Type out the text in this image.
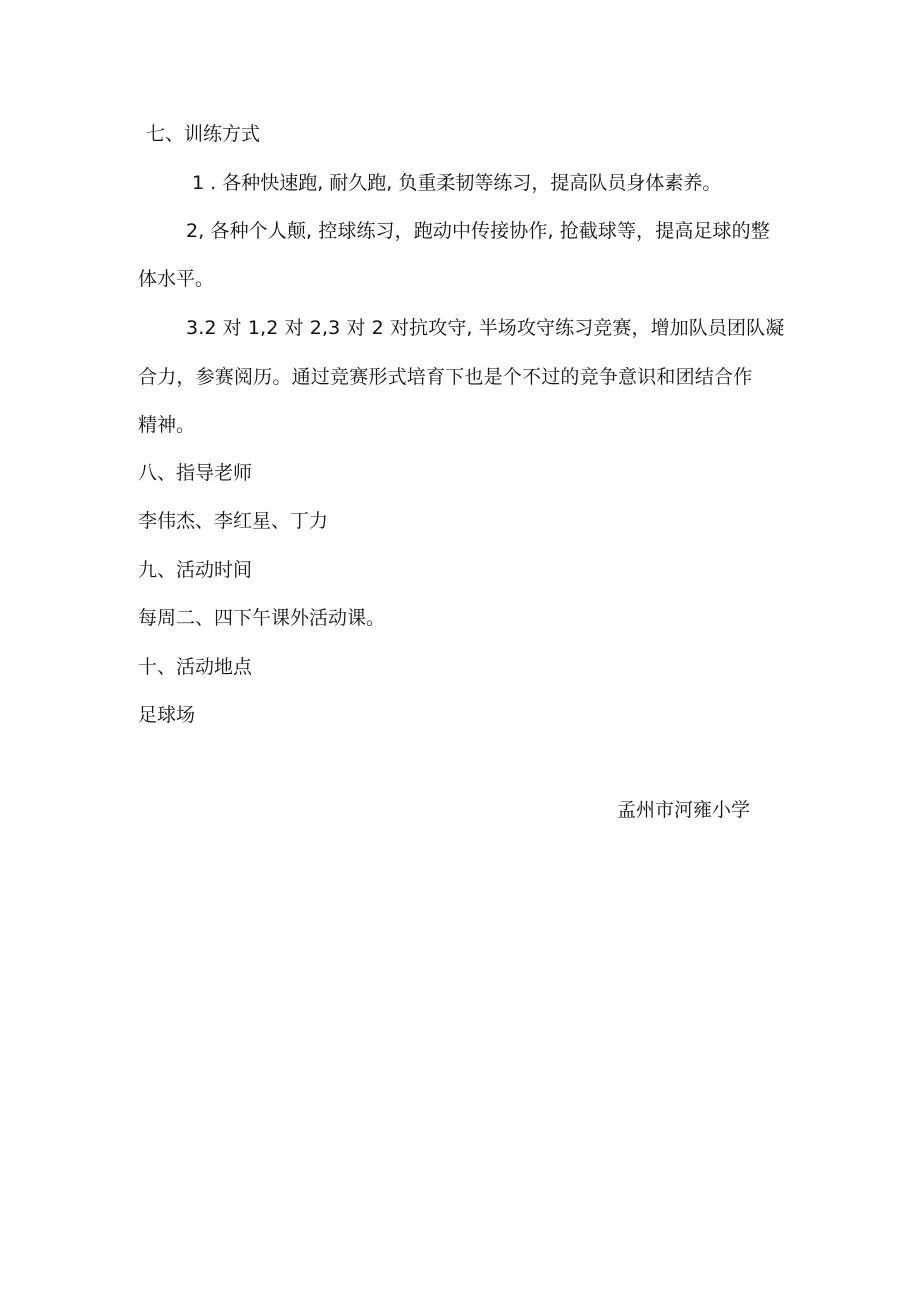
七、训练方式
1 . 各种快速跑, 耐久跑, 负重柔韧等练习，提高队员身体素养。
2, 各种个人颠, 控球练习，跑动中传接协作, 抢截球等，提高足球的整
体水平。
3.2 对 1,2 对 2,3 对 2 对抗攻守, 半场攻守练习竞赛，增加队员团队凝
合力，参赛阅历。通过竞赛形式培育下也是个不过的竞争意识和团结合作
精神。
八、指导老师
李伟杰、李红星、丁力
九、活动时间
每周二、四下午课外活动课。
十、活动地点
足球场
孟州市河雍小学
